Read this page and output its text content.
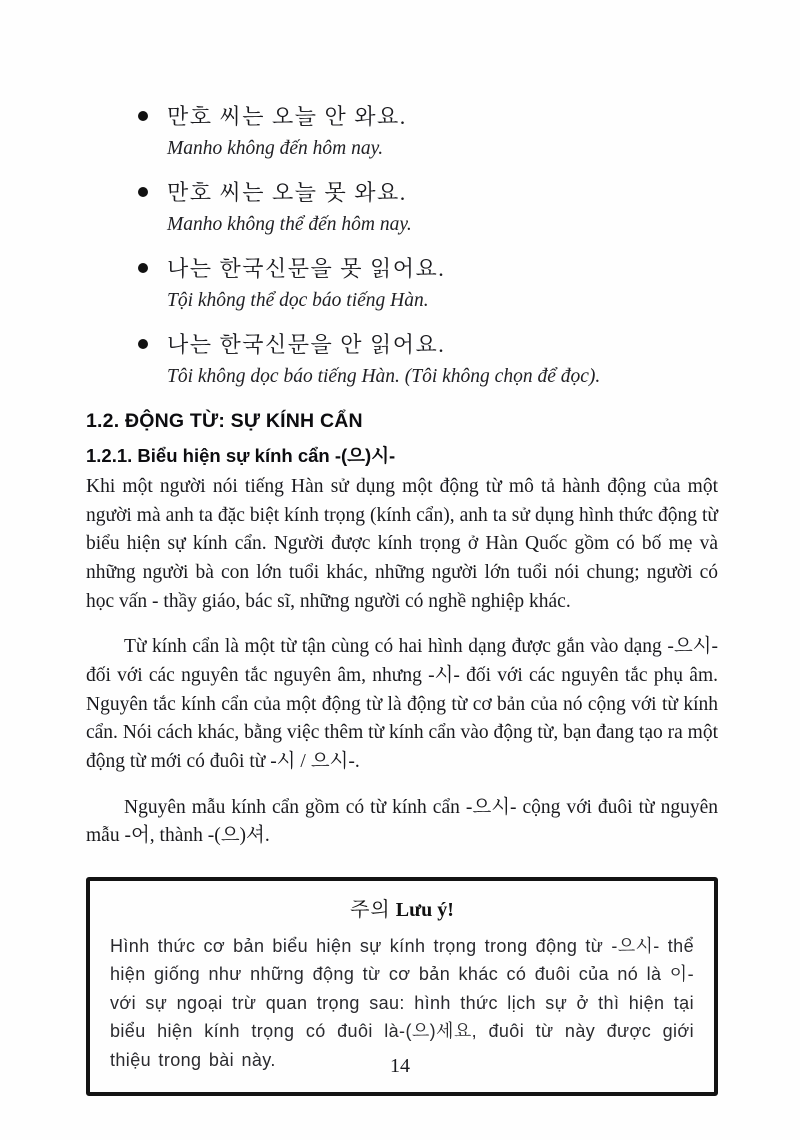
만호 씨는 오늘 안 와요.
Manho không đến hôm nay.
만호 씨는 오늘 못 와요.
Manho không thể đến hôm nay.
나는 한국신문을 못 읽어요.
Tội không thể dọc báo tiếng Hàn.
나는 한국신문을 안 읽어요.
Tôi không dọc báo tiếng Hàn. (Tôi không chọn để đọc).
1.2. ĐỘNG TỪ: SỰ KÍNH CẨN
1.2.1. Biểu hiện sự kính cẩn -(으)시-

Khi một người nói tiếng Hàn sử dụng một động từ mô tả hành động của một người mà anh ta đặc biệt kính trọng (kính cẩn), anh ta sử dụng hình thức động từ biểu hiện sự kính cẩn. Người được kính trọng ở Hàn Quốc gồm có bố mẹ và những người bà con lớn tuổi khác, những người lớn tuổi nói chung; người có học vấn - thầy giáo, bác sĩ, những người có nghề nghiệp khác.

Từ kính cẩn là một từ tận cùng có hai hình dạng được gắn vào dạng -으시- đối với các nguyên tắc nguyên âm, nhưng -시- đối với các nguyên tắc phụ âm. Nguyên tắc kính cẩn của một động từ là động từ cơ bản của nó cộng với từ kính cẩn. Nói cách khác, bằng việc thêm từ kính cẩn vào động từ, bạn đang tạo ra một động từ mới có đuôi từ -시 / 으시-.

Nguyên mẫu kính cẩn gồm có từ kính cẩn -으시- cộng với đuôi từ nguyên mẫu -어, thành -(으)셔.

주의 Lưu ý!
Hình thức cơ bản biểu hiện sự kính trọng trong động từ -으시- thể hiện giống như những động từ cơ bản khác có đuôi của nó là 이- với sự ngoại trừ quan trọng sau: hình thức lịch sự ở thì hiện tại biểu hiện kính trọng có đuôi là-(으)세요, đuôi từ này được giới thiệu trong bài này.	14
